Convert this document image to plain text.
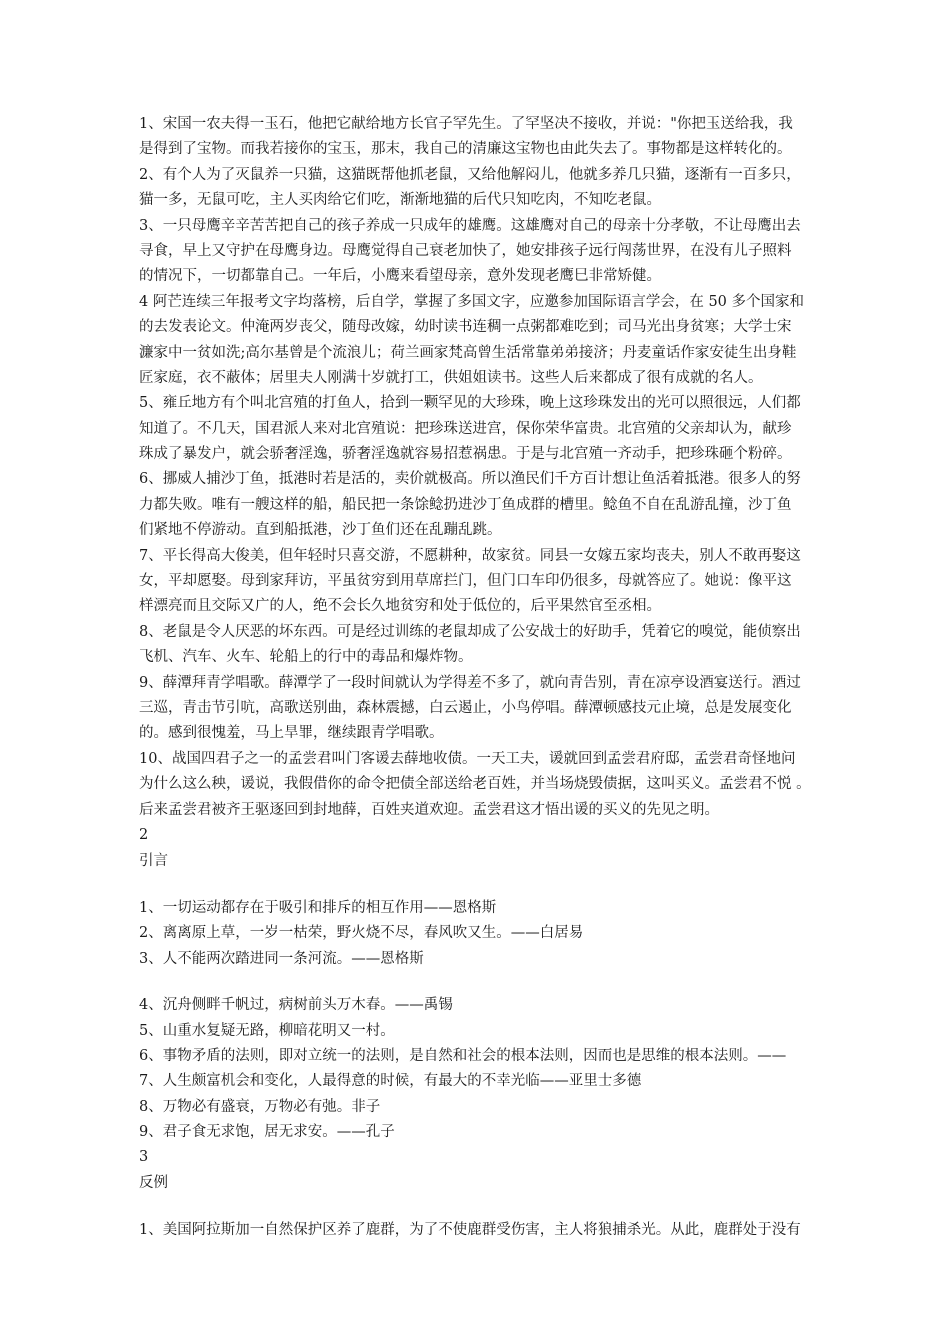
1、宋国一农夫得一玉石，他把它献给地方长官子罕先生。了罕坚决不接收，并说："你把玉送给我，我
是得到了宝物。而我若接你的宝玉，那末，我自己的清廉这宝物也由此失去了。事物都是这样转化的。
2、有个人为了灭鼠养一只猫，这猫既帮他抓老鼠，又给他解闷儿，他就多养几只猫，逐渐有一百多只，
猫一多，无鼠可吃，主人买肉给它们吃，渐渐地猫的后代只知吃肉，不知吃老鼠。
3、一只母鹰辛辛苦苦把自己的孩子养成一只成年的雄鹰。这雄鹰对自己的母亲十分孝敬，不让母鹰出去
寻食，早上又守护在母鹰身边。母鹰觉得自己衰老加快了，她安排孩子远行闯荡世界，在没有儿子照料
的情况下，一切都靠自己。一年后，小鹰来看望母亲，意外发现老鹰巳非常矫健。
4 阿芒连续三年报考文字均落榜，后自学，掌握了多国文字，应邀参加国际语言学会，在 50 多个国家和
的去发表论文。仲淹两岁丧父，随母改嫁，幼时读书连稠一点粥都难吃到；司马光出身贫寒；大学士宋
濂家中一贫如洗;高尔基曾是个流浪儿；荷兰画家梵高曾生活常靠弟弟接济；丹麦童话作家安徒生出身鞋
匠家庭，衣不蔽体；居里夫人刚满十岁就打工，供姐姐读书。这些人后来都成了很有成就的名人。
5、雍丘地方有个叫北宫殖的打鱼人，拾到一颗罕见的大珍珠，晚上这珍珠发出的光可以照很远，人们都
知道了。不几天，国君派人来对北宫殖说：把珍珠送进宫，保你荣华富贵。北宫殖的父亲却认为，献珍
珠成了暴发户，就会骄奢淫逸，骄奢淫逸就容易招惹祸患。于是与北宫殖一齐动手，把珍珠砸个粉碎。
6、挪威人捕沙丁鱼，抵港时若是活的，卖价就极高。所以渔民们千方百计想让鱼活着抵港。很多人的努
力都失败。唯有一艘这样的船，船民把一条馀鲶扔进沙丁鱼成群的槽里。鲶鱼不自在乱游乱撞，沙丁鱼
们紧地不停游动。直到船抵港，沙丁鱼们还在乱蹦乱跳。
7、平长得高大俊美，但年轻时只喜交游，不愿耕种，故家贫。同县一女嫁五家均丧夫，别人不敢再娶这
女，平却愿娶。母到家拜访，平虽贫穷到用草席拦门，但门口车印仍很多，母就答应了。她说：像平这
样漂亮而且交际又广的人，绝不会长久地贫穷和处于低位的，后平果然官至丞相。
8、老鼠是令人厌恶的坏东西。可是经过训练的老鼠却成了公安战士的好助手，凭着它的嗅觉，能侦察出
飞机、汽车、火车、轮船上的行中的毒品和爆炸物。
9、薛潭拜青学唱歌。薛潭学了一段时间就认为学得差不多了，就向青告别，青在凉亭设酒宴送行。酒过
三巡，青击节引吭，高歌送别曲，森林震撼，白云遏止，小鸟停唱。薛潭顿感技元止境，总是发展变化
的。感到很愧羞，马上旱罪，继续跟青学唱歌。
10、战国四君子之一的孟尝君叫门客谖去薛地收债。一天工夫，谖就回到孟尝君府邸，孟尝君奇怪地问
为什么这么秧，谖说，我假借你的命令把债全部送给老百姓，并当场烧毁债据，这叫买义。孟尝君不悦 。
后来孟尝君被齐王驱逐回到封地薛，百姓夹道欢迎。孟尝君这才悟出谖的买义的先见之明。
2
引言
1、一切运动都存在于吸引和排斥的相互作用——恩格斯
2、离离原上草，一岁一枯荣，野火烧不尽，春风吹又生。——白居易
3、人不能两次踏进同一条河流。——恩格斯
4、沉舟侧畔千帆过，病树前头万木春。——禹锡
5、山重水复疑无路，柳暗花明又一村。
6、事物矛盾的法则，即对立统一的法则，是自然和社会的根本法则，因而也是思维的根本法则。——
7、人生颇富机会和变化，人最得意的时候，有最大的不幸光临——亚里士多德
8、万物必有盛衰，万物必有弛。非子
9、君子食无求饱，居无求安。——孔子
3
反例
1、美国阿拉斯加一自然保护区养了鹿群，为了不使鹿群受伤害，主人将狼捕杀光。从此，鹿群处于没有
